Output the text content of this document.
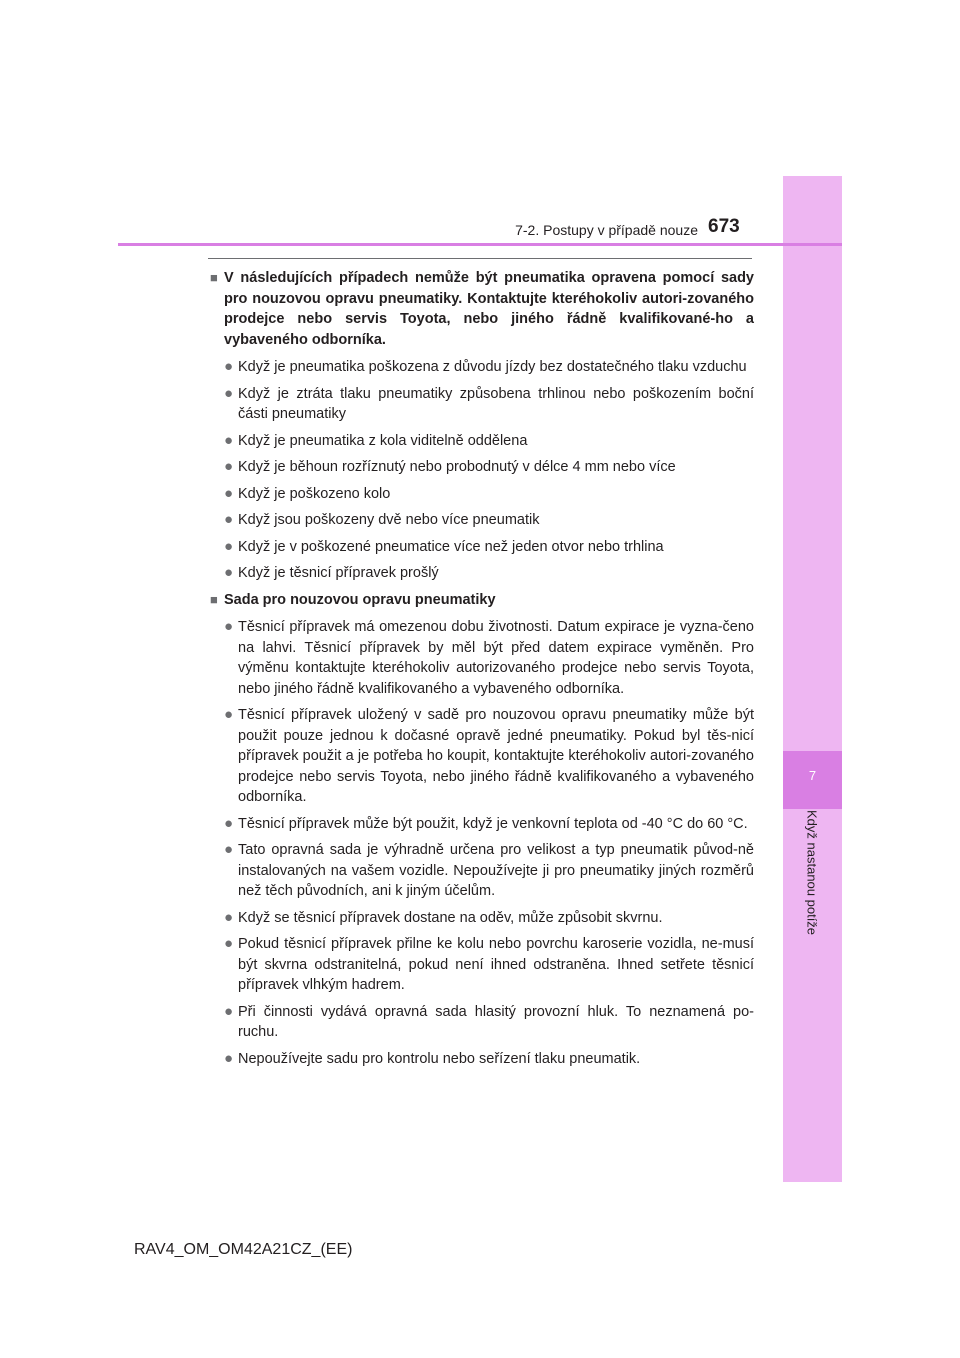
7
Když nastanou potíže
7-2. Postupy v případě nouze 673
■ V následujících případech nemůže být pneumatika opravena pomocí sady pro nouzovou opravu pneumatiky. Kontaktujte kteréhokoliv autori-zovaného prodejce nebo servis Toyota, nebo jiného řádně kvalifikované-ho a vybaveného odborníka.
● Když je pneumatika poškozena z důvodu jízdy bez dostatečného tlaku vzduchu
● Když je ztráta tlaku pneumatiky způsobena trhlinou nebo poškozením boční části pneumatiky
● Když je pneumatika z kola viditelně oddělena
● Když je běhoun rozříznutý nebo probodnutý v délce 4 mm nebo více
● Když je poškozeno kolo
● Když jsou poškozeny dvě nebo více pneumatik
● Když je v poškozené pneumatice více než jeden otvor nebo trhlina
● Když je těsnicí přípravek prošlý
■ Sada pro nouzovou opravu pneumatiky
● Těsnicí přípravek má omezenou dobu životnosti. Datum expirace je vyzna-čeno na lahvi. Těsnicí přípravek by měl být před datem expirace vyměněn. Pro výměnu kontaktujte kteréhokoliv autorizovaného prodejce nebo servis Toyota, nebo jiného řádně kvalifikovaného a vybaveného odborníka.
● Těsnicí přípravek uložený v sadě pro nouzovou opravu pneumatiky může být použit pouze jednou k dočasné opravě jedné pneumatiky. Pokud byl těs-nicí přípravek použit a je potřeba ho koupit, kontaktujte kteréhokoliv autori-zovaného prodejce nebo servis Toyota, nebo jiného řádně kvalifikovaného a vybaveného odborníka.
● Těsnicí přípravek může být použit, když je venkovní teplota od -40 °C do 60 °C.
● Tato opravná sada je výhradně určena pro velikost a typ pneumatik původ-ně instalovaných na vašem vozidle. Nepoužívejte ji pro pneumatiky jiných rozměrů než těch původních, ani k jiným účelům.
● Když se těsnicí přípravek dostane na oděv, může způsobit skvrnu.
● Pokud těsnicí přípravek přilne ke kolu nebo povrchu karoserie vozidla, ne-musí být skvrna odstranitelná, pokud není ihned odstraněna. Ihned setřete těsnicí přípravek vlhkým hadrem.
● Při činnosti vydává opravná sada hlasitý provozní hluk. To neznamená po-ruchu.
● Nepoužívejte sadu pro kontrolu nebo seřízení tlaku pneumatik.
RAV4_OM_OM42A21CZ_(EE)
